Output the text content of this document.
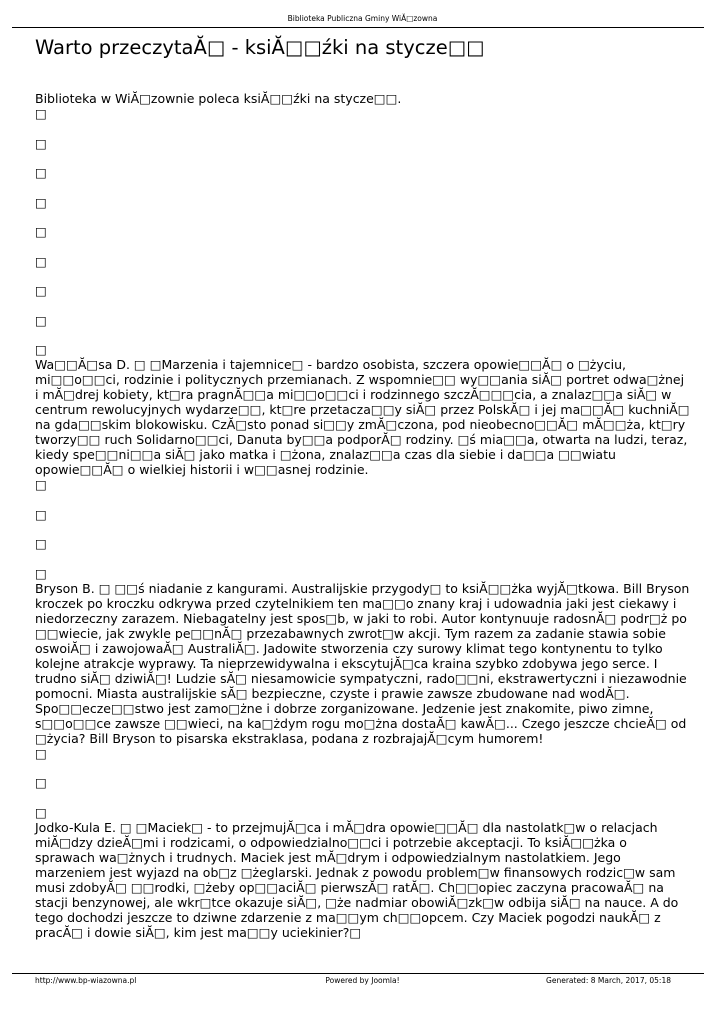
Biblioteka Publiczna Gminy WiĂ□zowna
Warto przeczytaĂ□ - ksiĂ□□źki na stycze□□

Biblioteka w WiĂ□zownie poleca ksiĂ□□źki na stycze□□.

□

□

□

□

□

□

□

□

□

Wa□□Ă□sa D. □ □Marzenia i tajemnice□ - bardzo osobista, szczera opowie□□Ă□ o □życiu, mi□□o□□ci, rodzinie i politycznych przemianach. Z wspomnie□□ wy□□ania siĂ□ portret odwa□żnej i mĂ□drej kobiety, kt□ra pragnĂ□□a mi□□o□□ci i rodzinnego szczĂ□□□cia, a znalaz□□a siĂ□ w centrum rewolucyjnych wydarze□□, kt□re przetacza□□y siĂ□ przez PolskĂ□ i jej ma□□Ă□ kuchniĂ□ na gda□□skim blokowisku. CzĂ□sto ponad si□□y zmĂ□czona, pod nieobecno□□Ă□ mĂ□□ża, kt□ry tworzy□□ ruch Solidarno□□ci, Danuta by□□a podporĂ□ rodziny. □ś mia□□a, otwarta na ludzi, teraz, kiedy spe□□ni□□a siĂ□ jako matka i □żona, znalaz□□a czas dla siebie i da□□a □□wiatu opowie□□Ă□ o wielkiej historii i w□□asnej rodzinie.

□

□

□

□

Bryson B. □ □□ś niadanie z kangurami. Australijskie przygody□ to ksiĂ□□żka wyjĂ□tkowa. Bill Bryson kroczek po kroczku odkrywa przed czytelnikiem ten ma□□o znany kraj i udowadnia jaki jest ciekawy i niedorzeczny zarazem. Niebagatelny jest spos□b, w jaki to robi. Autor kontynuuje radosnĂ□ podr□ż po □□wiecie, jak zwykle pe□□nĂ□ przezabawnych zwrot□w akcji. Tym razem za zadanie stawia sobie oswoiĂ□ i zawojowaĂ□ AustraliĂ□. Jadowite stworzenia czy surowy klimat tego kontynentu to tylko kolejne atrakcje wyprawy. Ta nieprzewidywalna i ekscytujĂ□ca kraina szybko zdobywa jego serce. I trudno siĂ□ dziwiĂ□! Ludzie sĂ□ niesamowicie sympatyczni, rado□□ni, ekstrawertyczni i niezawodnie pomocni. Miasta australijskie sĂ□ bezpieczne, czyste i prawie zawsze zbudowane nad wodĂ□. Spo□□ecze□□stwo jest zamo□żne i dobrze zorganizowane. Jedzenie jest znakomite, piwo zimne, s□□o□□ce zawsze □□wieci, na ka□żdym rogu mo□żna dostaĂ□ kawĂ□... Czego jeszcze chcieĂ□ od □życia? Bill Bryson to pisarska ekstraklasa, podana z rozbrajajĂ□cym humorem!

□

□

□

Jodko-Kula E. □ □Maciek□ - to przejmujĂ□ca i mĂ□dra opowie□□Ă□ dla nastolatk□w o relacjach miĂ□dzy dzieĂ□mi i rodzicami, o odpowiedzialno□□ci i potrzebie akceptacji. To ksiĂ□□żka o sprawach wa□żnych i trudnych. Maciek jest mĂ□drym i odpowiedzialnym nastolatkiem. Jego marzeniem jest wyjazd na ob□z □żeglarski. Jednak z powodu problem□w finansowych rodzic□w sam musi zdobyĂ□ □□rodki, □żeby op□□aciĂ□ pierwszĂ□ ratĂ□. Ch□□opiec zaczyna pracowaĂ□ na stacji benzynowej, ale wkr□tce okazuje siĂ□, □że nadmiar obowiĂ□zk□w odbija siĂ□ na nauce. A do tego dochodzi jeszcze to dziwne zdarzenie z ma□□ym ch□□opcem. Czy Maciek pogodzi naukĂ□ z pracĂ□ i dowie siĂ□, kim jest ma□□y uciekinier?□

http://www.bp-wiazowna.pl	Powered by Joomla!	Generated: 8 March, 2017, 05:18
